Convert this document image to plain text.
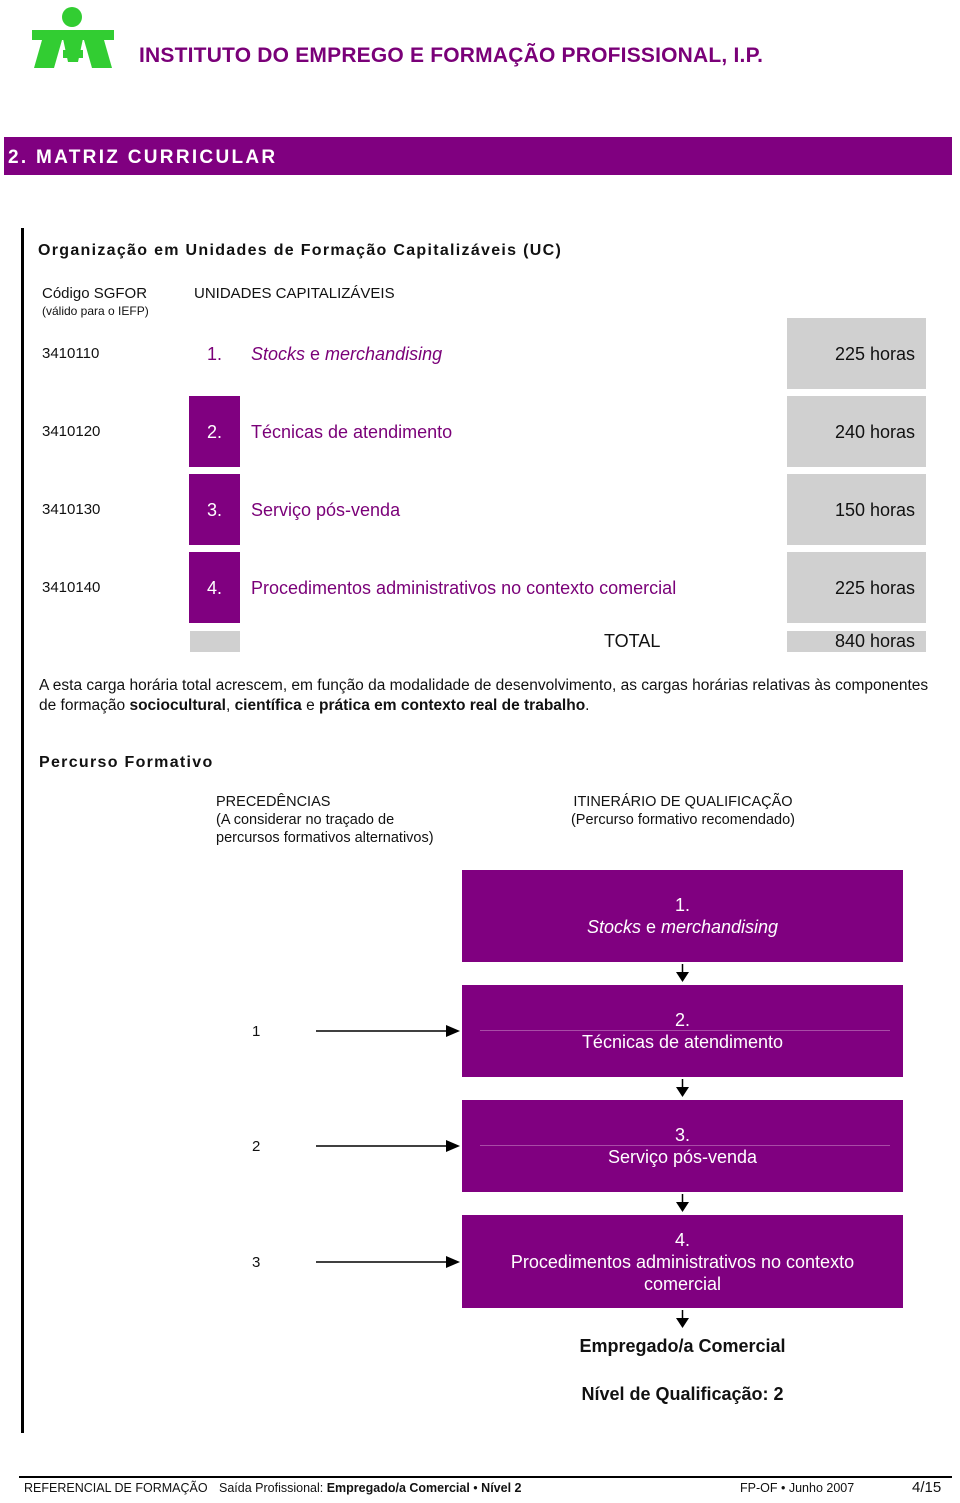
INSTITUTO DO EMPREGO E FORMAÇÃO PROFISSIONAL, I.P.
2. MATRIZ CURRICULAR
Organização em Unidades de Formação Capitalizáveis (UC)
Código SGFOR
(válido para o IEFP)
UNIDADES CAPITALIZÁVEIS
3410110	1. Stocks e merchandising	225 horas
3410120	2. Técnicas de atendimento	240 horas
3410130	3. Serviço pós-venda	150 horas
3410140	4. Procedimentos administrativos no contexto comercial	225 horas
TOTAL	840 horas
A esta carga horária total acrescem, em função da modalidade de desenvolvimento, as cargas horárias relativas às componentes de formação sociocultural, científica e prática em contexto real de trabalho.
Percurso Formativo
PRECEDÊNCIAS
(A considerar no traçado de
percursos formativos alternativos)
ITINERÁRIO DE QUALIFICAÇÃO
(Percurso formativo recomendado)
1.
Stocks e merchandising
2.
Técnicas de atendimento
1
3.
Serviço pós-venda
2
4.
Procedimentos administrativos no contexto
comercial
3
Empregado/a Comercial
Nível de Qualificação: 2
REFERENCIAL DE FORMAÇÃO Saída Profissional: Empregado/a Comercial • Nível 2	FP-OF • Junho 2007	4/15
